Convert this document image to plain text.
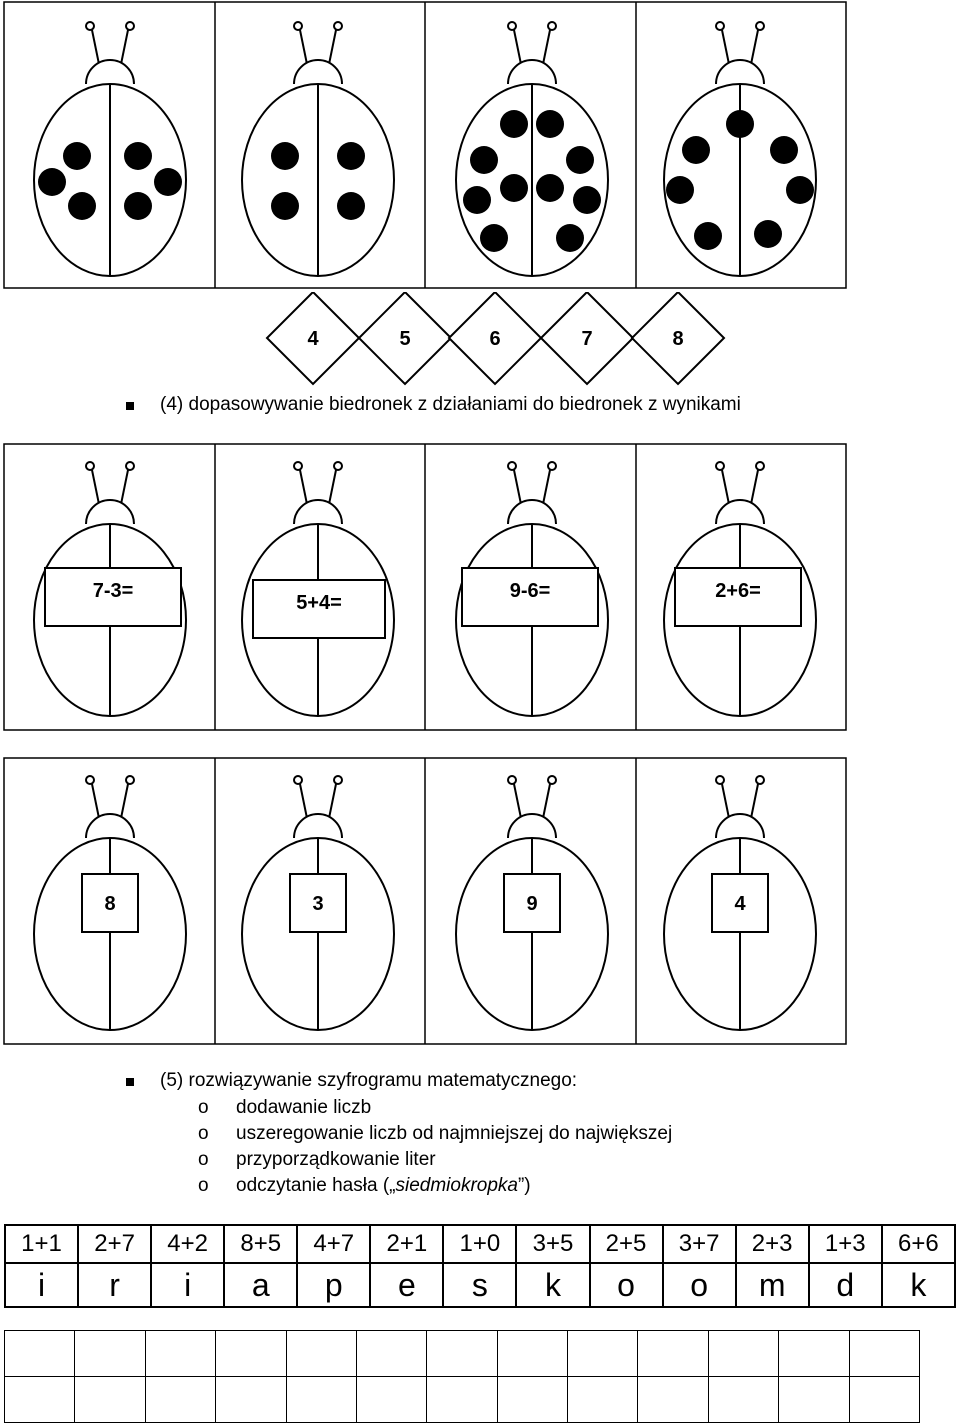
4	5	6	7	8
(4) dopasowywanie biedronek z działaniami do biedronek z wynikami
7-3=
5+4=
9-6=	2+6=
8	3	9	4
(5) rozwiązywanie szyfrogramu matematycznego:
o dodawanie liczb
o uszeregowanie liczb od najmniejszej do największej
o przyporządkowanie liter
o odczytanie hasła („siedmiokropka”)
1+1	2+7	4+2	8+5	4+7	2+1	1+0	3+5	2+5	3+7	2+3	1+3	6+6
i	r	i	a	p	e	s	k	o	o	m	d	k
